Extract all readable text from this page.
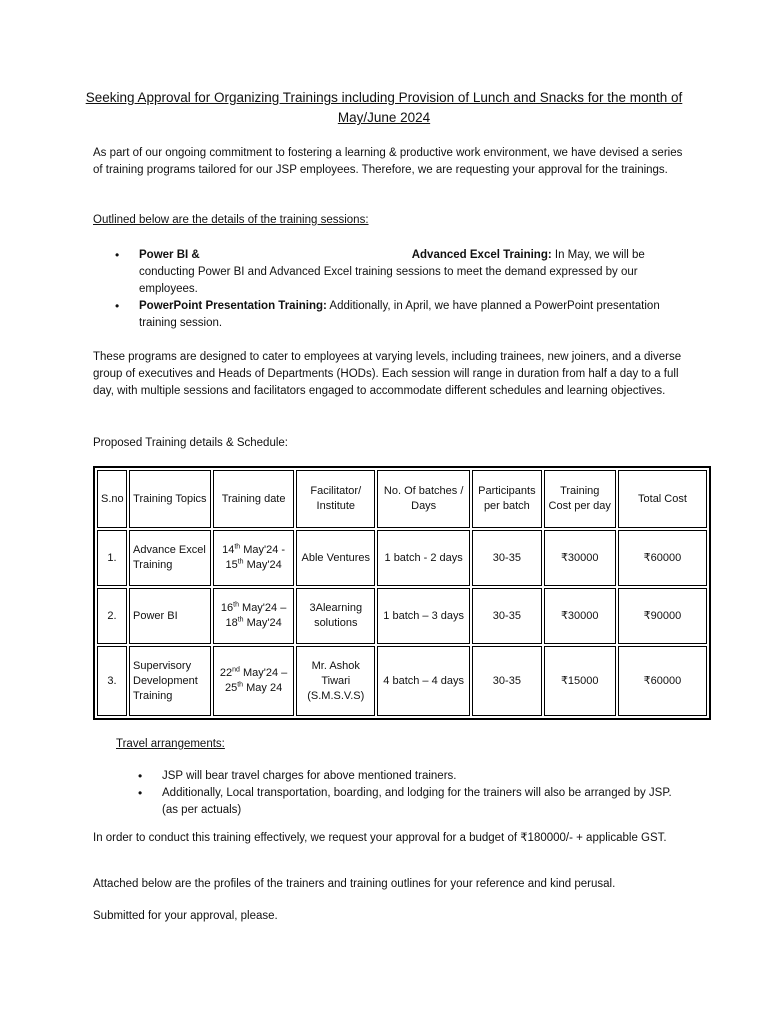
Seeking Approval for Organizing Trainings including Provision of Lunch and Snacks for the month of May/June 2024
As part of our ongoing commitment to fostering a learning & productive work environment, we have devised a series of training programs tailored for our JSP employees. Therefore, we are requesting your approval for the trainings.
Outlined below are the details of the training sessions:
• Power BI &	Advanced Excel Training: In May, we will be conducting Power BI and Advanced Excel training sessions to meet the demand expressed by our employees.
• PowerPoint Presentation Training: Additionally, in April, we have planned a PowerPoint presentation training session.
These programs are designed to cater to employees at varying levels, including trainees, new joiners, and a diverse group of executives and Heads of Departments (HODs). Each session will range in duration from half a day to a full day, with multiple sessions and facilitators engaged to accommodate different schedules and learning objectives.
Proposed Training details & Schedule:
S.no	Training Topics	Training date	Facilitator/ Institute	No. Of batches / Days	Participants per batch	Training Cost per day	Total Cost
1.	Advance Excel Training	14th May'24 -
15th May'24	Able Ventures	1 batch - 2 days	30-35	₹30000	₹60000
2.	Power BI	16th May'24 –
18th May'24	3Alearning solutions	1 batch – 3 days	30-35	₹30000	₹90000
3.	Supervisory Development Training	22nd May'24 –
25th May 24	Mr. Ashok Tiwari (S.M.S.V.S)	4 batch – 4 days	30-35	₹15000	₹60000
Travel arrangements:
• JSP will bear travel charges for above mentioned trainers.
• Additionally, Local transportation, boarding, and lodging for the trainers will also be arranged by JSP. (as per actuals)
In order to conduct this training effectively, we request your approval for a budget of ₹180000/- + applicable GST.
Attached below are the profiles of the trainers and training outlines for your reference and kind perusal.
Submitted for your approval, please.
